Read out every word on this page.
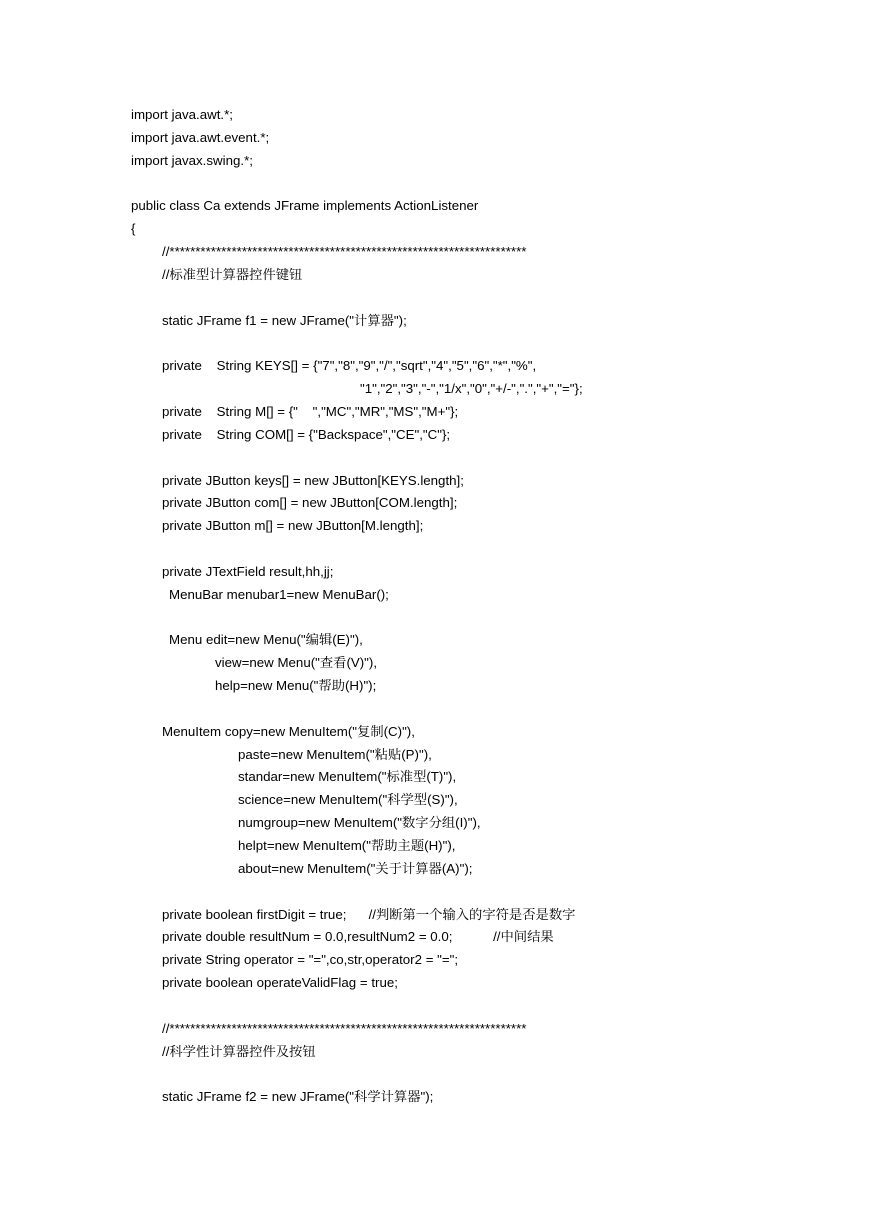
import java.awt.*;
import java.awt.event.*;
import javax.swing.*;
public class Ca extends JFrame implements ActionListener
{
//*********************************************************************
//标准型计算器控件键钮
static JFrame f1 = new JFrame("计算器");
private    String KEYS[] = {"7","8","9","/","sqrt","4","5","6","*","%",
"1","2","3","-","1/x","0","+/-",".","+","="};
private    String M[] = {"    ","MC","MR","MS","M+"};
private    String COM[] = {"Backspace","CE","C"};
private JButton keys[] = new JButton[KEYS.length];
private JButton com[] = new JButton[COM.length];
private JButton m[] = new JButton[M.length];
private JTextField result,hh,jj;
MenuBar menubar1=new MenuBar();
Menu edit=new Menu("编辑(E)"),
view=new Menu("查看(V)"),
help=new Menu("帮助(H)");
MenuItem copy=new MenuItem("复制(C)"),
paste=new MenuItem("粘贴(P)"),
standar=new MenuItem("标准型(T)"),
science=new MenuItem("科学型(S)"),
numgroup=new MenuItem("数字分组(I)"),
helpt=new MenuItem("帮助主题(H)"),
about=new MenuItem("关于计算器(A)");
private boolean firstDigit = true;      //判断第一个输入的字符是否是数字
private double resultNum = 0.0,resultNum2 = 0.0;           //中间结果
private String operator = "=",co,str,operator2 = "=";
private boolean operateValidFlag = true;
//*********************************************************************
//科学性计算器控件及按钮
static JFrame f2 = new JFrame("科学计算器");
